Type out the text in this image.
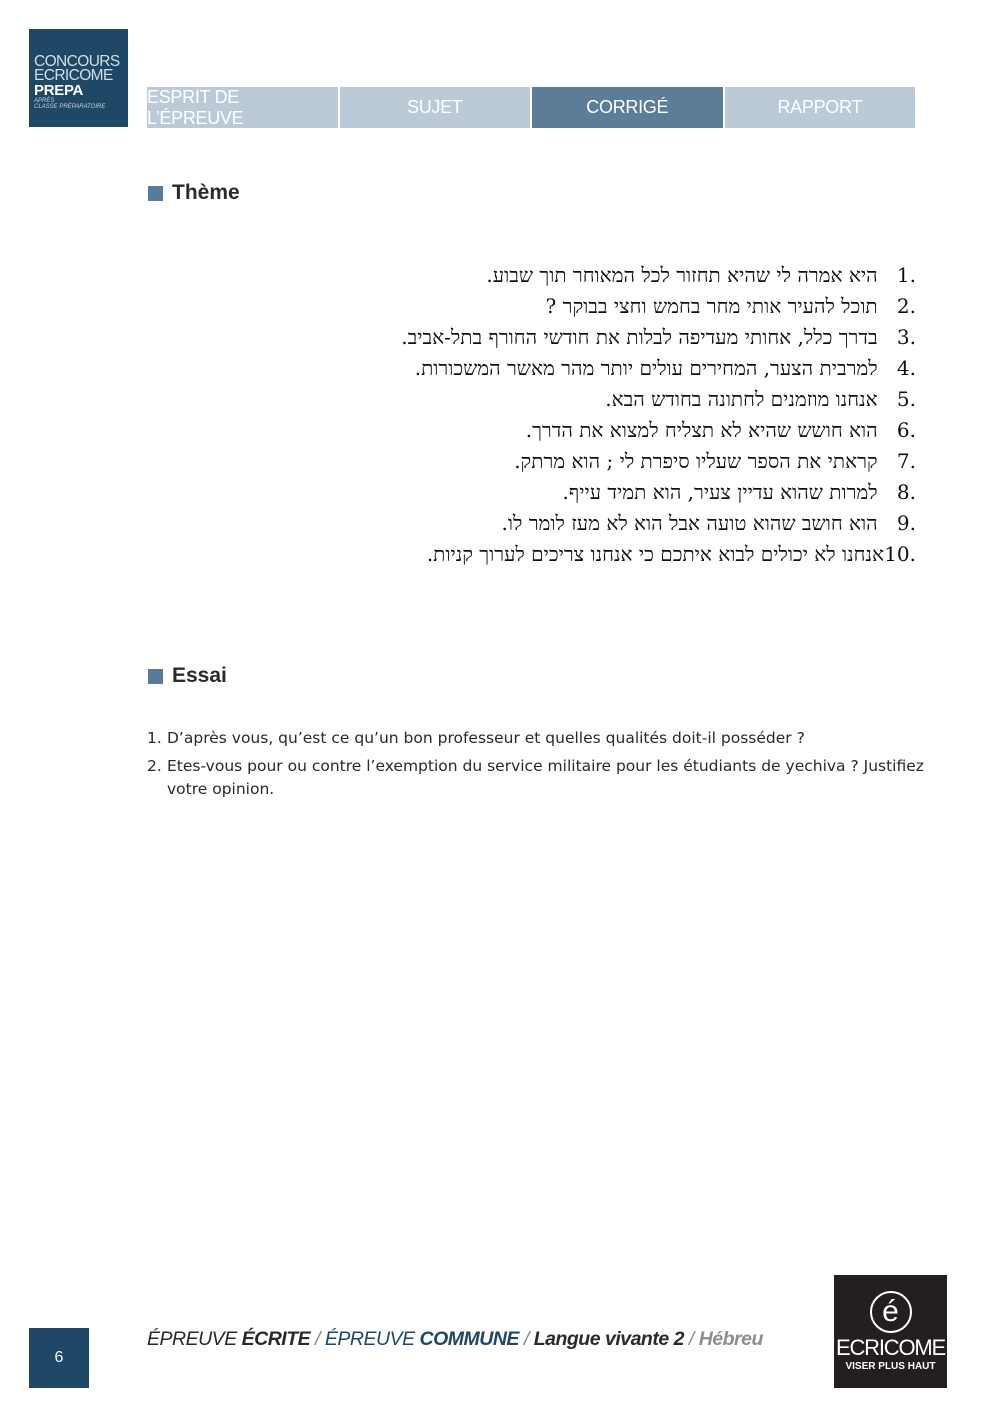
CONCOURS
ECRICOME
PREPA
APRÈS
CLASSE PRÉPARATOIRE
ESPRIT DE L’ÉPREUVE
SUJET	CORRIGÉ	RAPPORT
Thème
.1 היא אמרה לי שהיא תחזור לכל המאוחר תוך שבוע.
.2 תוכל להעיר אותי מחר בחמש וחצי בבוקר ?
.3 בדרך כלל, אחותי מעדיפה לבלות את חודשי החורף בתל-אביב.
.4 למרבית הצער, המחירים עולים יותר מהר מאשר המשכורות.
.5 אנחנו מוזמנים לחתונה בחודש הבא.
.6 הוא חושש שהיא לא תצליח למצוא את הדרך.
.7 קראתי את הספר שעליו סיפרת לי ; הוא מרתק.
.8 למרות שהוא עדיין צעיר, הוא תמיד עייף.
.9 הוא חושב שהוא טועה אבל הוא לא מעז לומר לו.
.10אנחנו לא יכולים לבוא איתכם כי אנחנו צריכים לערוך קניות.
Essai
1. D’après vous, qu’est ce qu’un bon professeur et quelles qualités doit-il posséder ?
2. Etes-vous pour ou contre l’exemption du service militaire pour les étudiants de yechiva ? Justifiez votre opinion.
6
ÉPREUVE ÉCRITE / ÉPREUVE COMMUNE / Langue vivante 2 / Hébreu
é
ECRICOME
VISER PLUS HAUT
